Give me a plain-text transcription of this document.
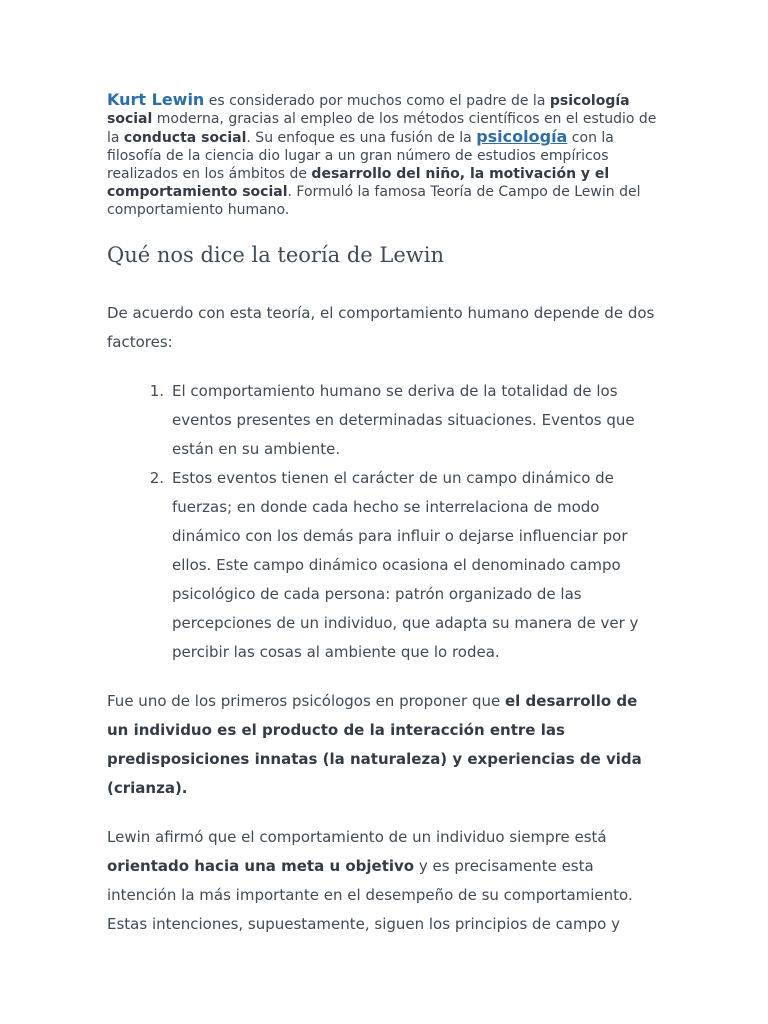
Kurt Lewin es considerado por muchos como el padre de la psicología social moderna, gracias al empleo de los métodos científicos en el estudio de la conducta social. Su enfoque es una fusión de la psicología con la filosofía de la ciencia dio lugar a un gran número de estudios empíricos realizados en los ámbitos de desarrollo del niño, la motivación y el comportamiento social. Formuló la famosa Teoría de Campo de Lewin del comportamiento humano.

Qué nos dice la teoría de Lewin

De acuerdo con esta teoría, el comportamiento humano depende de dos factores:

1. El comportamiento humano se deriva de la totalidad de los eventos presentes en determinadas situaciones. Eventos que están en su ambiente.
2. Estos eventos tienen el carácter de un campo dinámico de fuerzas; en donde cada hecho se interrelaciona de modo dinámico con los demás para influir o dejarse influenciar por ellos. Este campo dinámico ocasiona el denominado campo psicológico de cada persona: patrón organizado de las percepciones de un individuo, que adapta su manera de ver y percibir las cosas al ambiente que lo rodea.

Fue uno de los primeros psicólogos en proponer que el desarrollo de un individuo es el producto de la interacción entre las predisposiciones innatas (la naturaleza) y experiencias de vida (crianza).

Lewin afirmó que el comportamiento de un individuo siempre está orientado hacia una meta u objetivo y es precisamente esta intención la más importante en el desempeño de su comportamiento. Estas intenciones, supuestamente, siguen los principios de campo y
